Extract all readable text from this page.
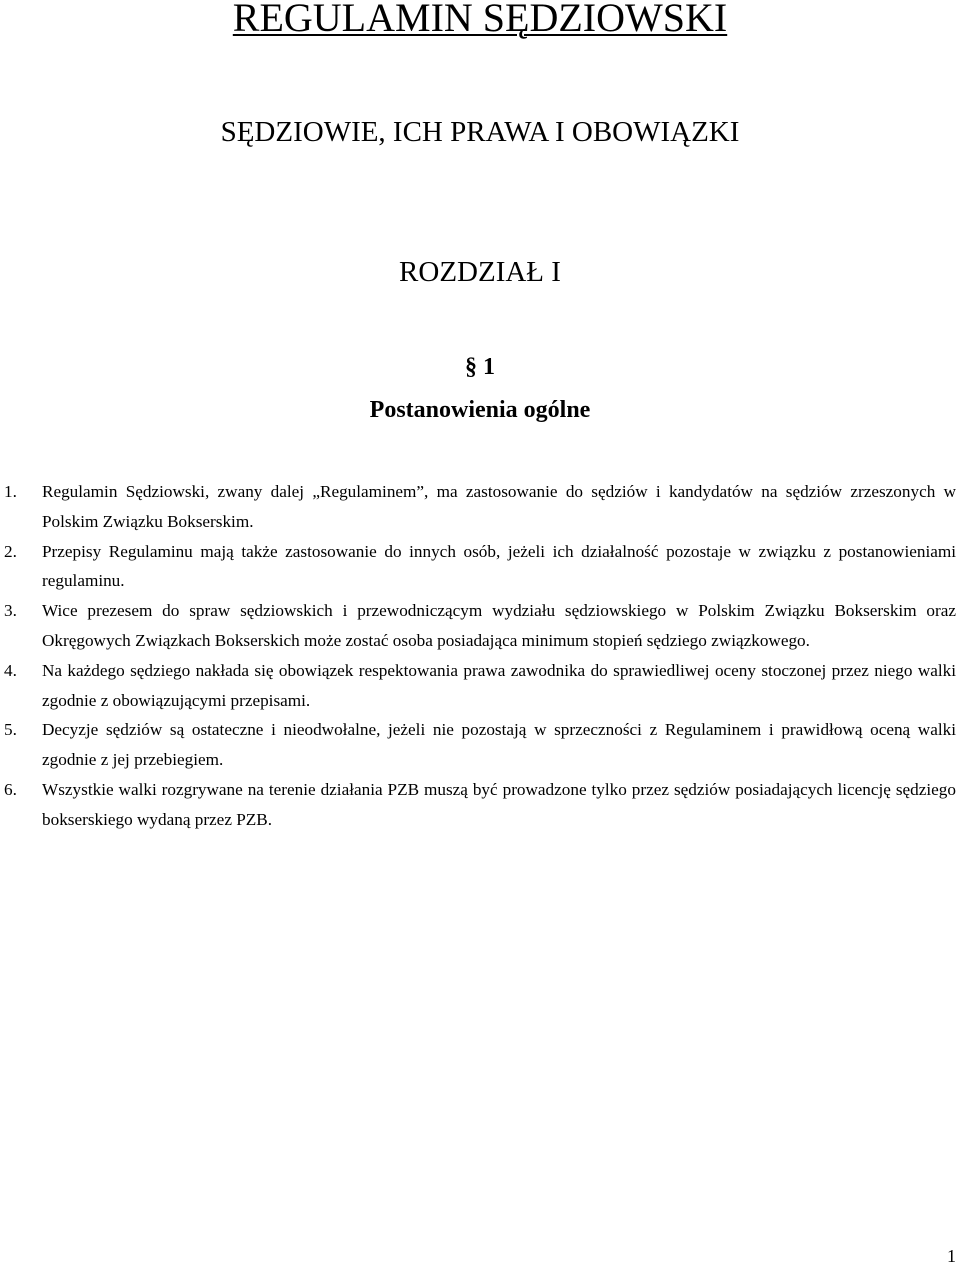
REGULAMIN SĘDZIOWSKI
SĘDZIOWIE, ICH PRAWA I OBOWIĄZKI
ROZDZIAŁ I
§ 1
Postanowienia ogólne
1. Regulamin Sędziowski, zwany dalej „Regulaminem”, ma zastosowanie do sędziów i kandydatów na sędziów zrzeszonych w Polskim Związku Bokserskim.
2. Przepisy Regulaminu mają także zastosowanie do innych osób, jeżeli ich działalność pozostaje w związku z postanowieniami regulaminu.
3. Wice prezesem do spraw sędziowskich i przewodniczącym wydziału sędziowskiego w Polskim Związku Bokserskim oraz Okręgowych Związkach Bokserskich może zostać osoba posiadająca minimum stopień sędziego związkowego.
4. Na każdego sędziego nakłada się obowiązek respektowania prawa zawodnika do sprawiedliwej oceny stoczonej przez niego walki zgodnie z obowiązującymi przepisami.
5. Decyzje sędziów są ostateczne i nieodwołalne, jeżeli nie pozostają w sprzeczności z Regulaminem i prawidłową oceną walki zgodnie z jej przebiegiem.
6. Wszystkie walki rozgrywane na terenie działania PZB muszą być prowadzone tylko przez sędziów posiadających licencję sędziego bokserskiego wydaną przez PZB.
1
